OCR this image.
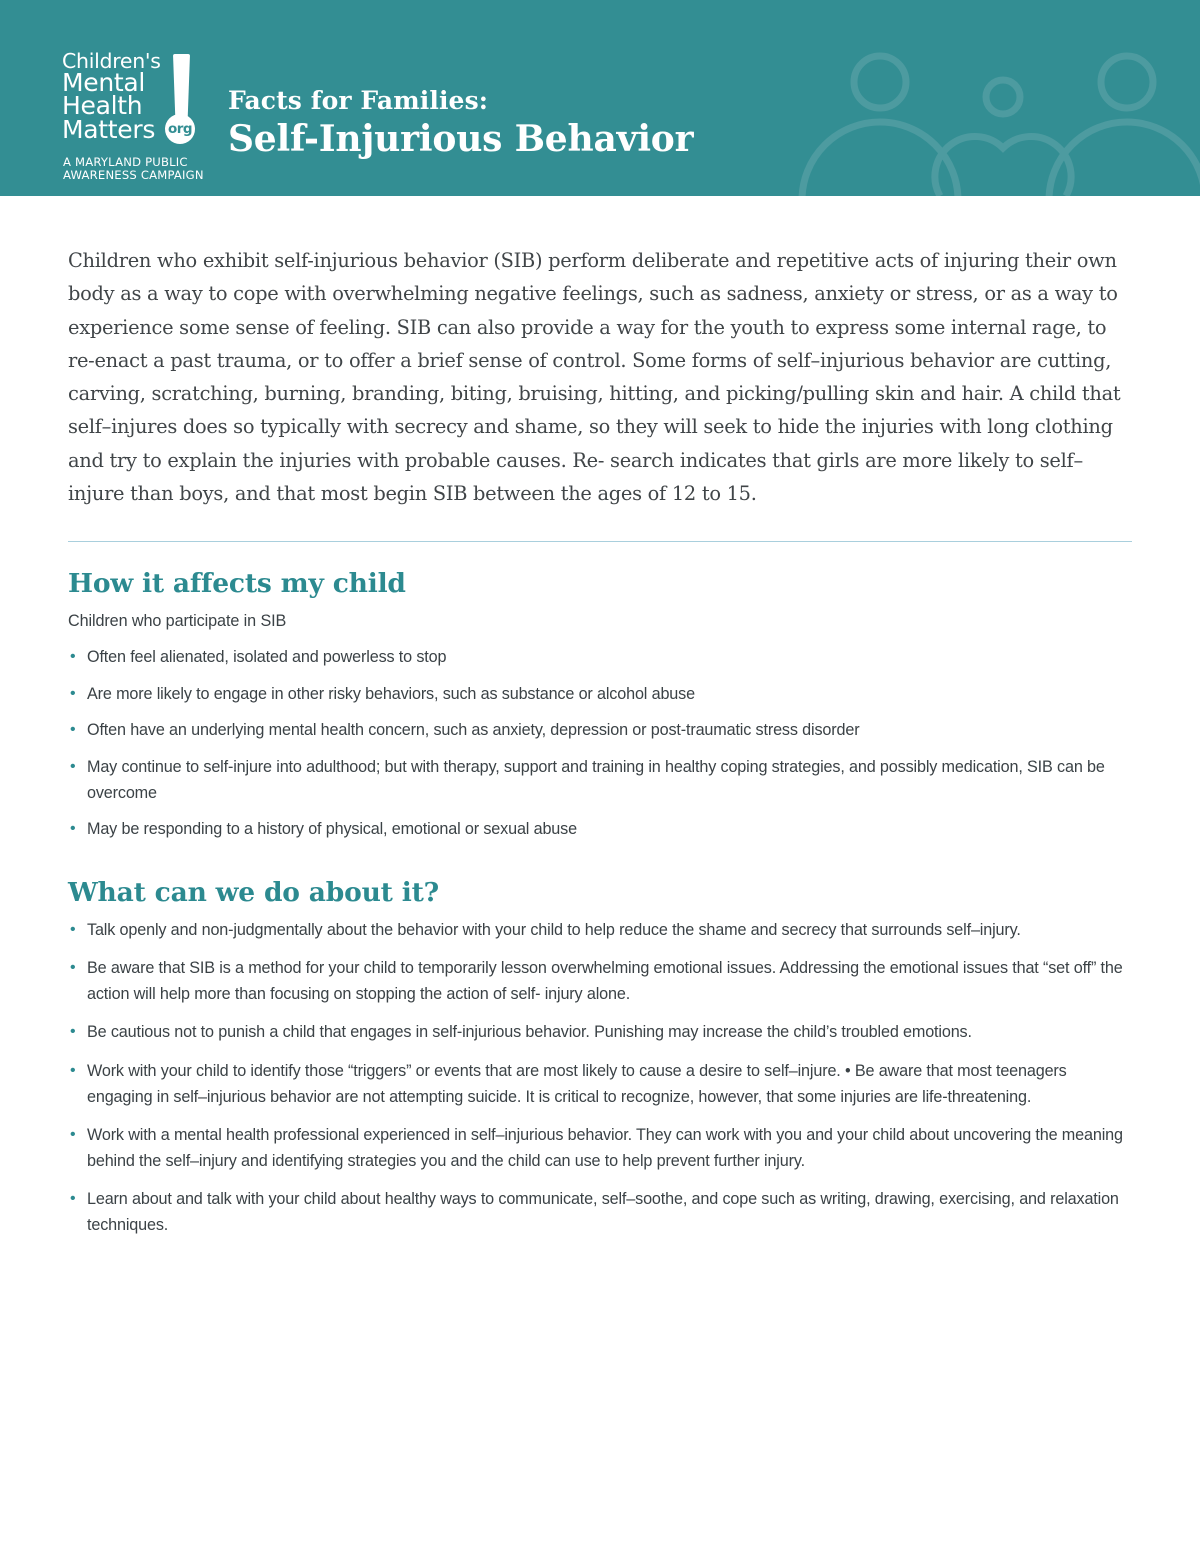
Children's
Mental
Health
Matters org
A MARYLAND PUBLIC
AWARENESS CAMPAIGN
Facts for Families:
Self-Injurious Behavior

Children who exhibit self-injurious behavior (SIB) perform deliberate and repetitive acts of injuring their own body as a way to cope with overwhelming negative feelings, such as sadness, anxiety or stress, or as a way to experience some sense of feeling. SIB can also provide a way for the youth to express some internal rage, to re-enact a past trauma, or to offer a brief sense of control. Some forms of self–injurious behavior are cutting, carving, scratching, burning, branding, biting, bruising, hitting, and picking/pulling skin and hair. A child that self–injures does so typically with secrecy and shame, so they will seek to hide the injuries with long clothing and try to explain the injuries with probable causes. Re- search indicates that girls are more likely to self–injure than boys, and that most begin SIB between the ages of 12 to 15.

How it affects my child

Children who participate in SIB

• Often feel alienated, isolated and powerless to stop
• Are more likely to engage in other risky behaviors, such as substance or alcohol abuse
• Often have an underlying mental health concern, such as anxiety, depression or post-traumatic stress disorder
• May continue to self-injure into adulthood; but with therapy, support and training in healthy coping strategies, and possibly medication, SIB can be overcome
• May be responding to a history of physical, emotional or sexual abuse
What can we do about it?
• Talk openly and non-judgmentally about the behavior with your child to help reduce the shame and secrecy that surrounds self–injury.
• Be aware that SIB is a method for your child to temporarily lesson overwhelming emotional issues. Addressing the emotional issues that “set off” the action will help more than focusing on stopping the action of self- injury alone.
• Be cautious not to punish a child that engages in self-injurious behavior. Punishing may increase the child’s troubled emotions.
• Work with your child to identify those “triggers” or events that are most likely to cause a desire to self–injure. • Be aware that most teenagers engaging in self–injurious behavior are not attempting suicide. It is critical to recognize, however, that some injuries are life-threatening.
• Work with a mental health professional experienced in self–injurious behavior. They can work with you and your child about uncovering the meaning behind the self–injury and identifying strategies you and the child can use to help prevent further injury.
• Learn about and talk with your child about healthy ways to communicate, self–soothe, and cope such as writing, drawing, exercising, and relaxation techniques.
